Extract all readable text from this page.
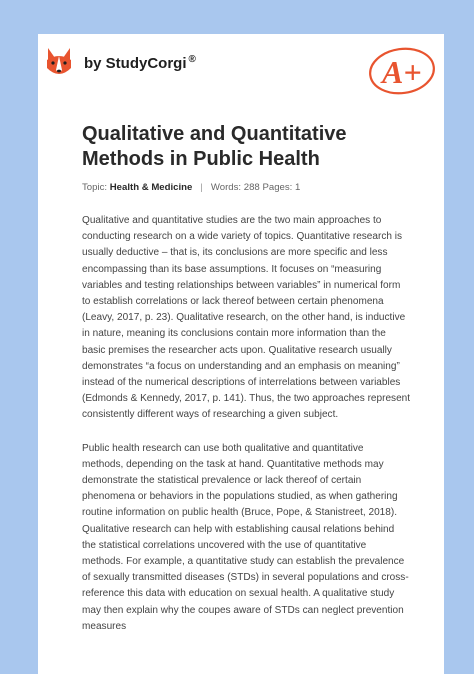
by StudyCorgi ®	A+
Qualitative and Quantitative
Methods in Public Health
Topic: Health & Medicine | Words: 288 Pages: 1

Qualitative and quantitative studies are the two main approaches to
conducting research on a wide variety of topics. Quantitative research is
usually deductive – that is, its conclusions are more specific and less
encompassing than its base assumptions. It focuses on “measuring
variables and testing relationships between variables” in numerical form
to establish correlations or lack thereof between certain phenomena
(Leavy, 2017, p. 23). Qualitative research, on the other hand, is inductive
in nature, meaning its conclusions contain more information than the
basic premises the researcher acts upon. Qualitative research usually
demonstrates “a focus on understanding and an emphasis on meaning”
instead of the numerical descriptions of interrelations between variables
(Edmonds & Kennedy, 2017, p. 141). Thus, the two approaches represent
consistently different ways of researching a given subject.

Public health research can use both qualitative and quantitative
methods, depending on the task at hand. Quantitative methods may
demonstrate the statistical prevalence or lack thereof of certain
phenomena or behaviors in the populations studied, as when gathering
routine information on public health (Bruce, Pope, & Stanistreet, 2018).
Qualitative research can help with establishing causal relations behind
the statistical correlations uncovered with the use of quantitative
methods. For example, a quantitative study can establish the prevalence
of sexually transmitted diseases (STDs) in several populations and cross-
reference this data with education on sexual health. A qualitative study
may then explain why the coupes aware of STDs can neglect prevention
measures
